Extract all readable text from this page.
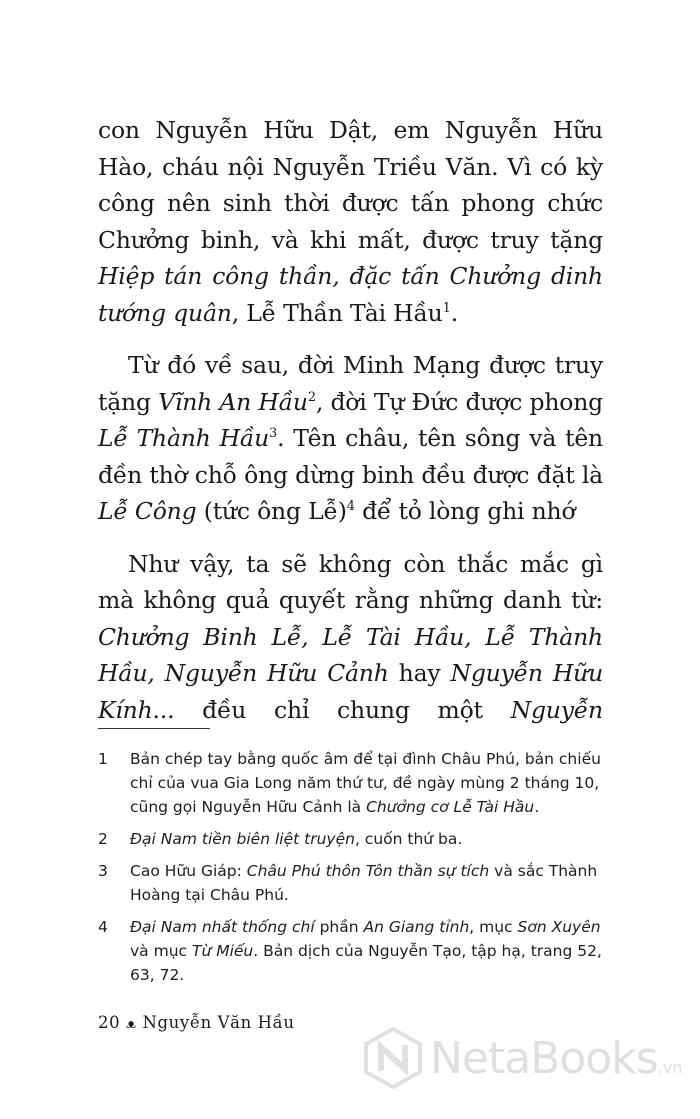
con Nguyễn Hữu Dật, em Nguyễn Hữu Hào, cháu nội Nguyễn Triều Văn. Vì có kỳ công nên sinh thời được tấn phong chức Chưởng binh, và khi mất, được truy tặng Hiệp tán công thần, đặc tấn Chưởng dinh tướng quân, Lễ Thần Tài Hầu$^1$.

Từ đó về sau, đời Minh Mạng được truy tặng Vĩnh An Hầu$^2$, đời Tự Đức được phong Lễ Thành Hầu$^3$. Tên châu, tên sông và tên đền thờ chỗ ông dừng binh đều được đặt là Lễ Công (tức ông Lễ)$^4$ để tỏ lòng ghi nhớ

Như vậy, ta sẽ không còn thắc mắc gì mà không quả quyết rằng những danh từ: Chưởng Binh Lễ, Lễ Tài Hầu, Lễ Thành Hầu, Nguyễn Hữu Cảnh hay Nguyễn Hữu Kính... đều chỉ chung một Nguyễn

1	Bản chép tay bằng quốc âm để tại đình Châu Phú, bản chiếu chỉ của vua Gia Long năm thứ tư, đề ngày mùng 2 tháng 10, cũng gọi Nguyễn Hữu Cảnh là Chưởng cơ Lễ Tài Hầu.
2	Đại Nam tiền biên liệt truyện, cuốn thứ ba.
3	Cao Hữu Giáp: Châu Phú thôn Tôn thần sự tích và sắc Thành Hoàng tại Châu Phú.
4	Đại Nam nhất thống chí phần An Giang tỉnh, mục Sơn Xuyên và mục Từ Miếu. Bản dịch của Nguyễn Tạo, tập hạ, trang 52, 63, 72.
20 ᴥ Nguyễn Văn Hầu
NetaBooks.vn
